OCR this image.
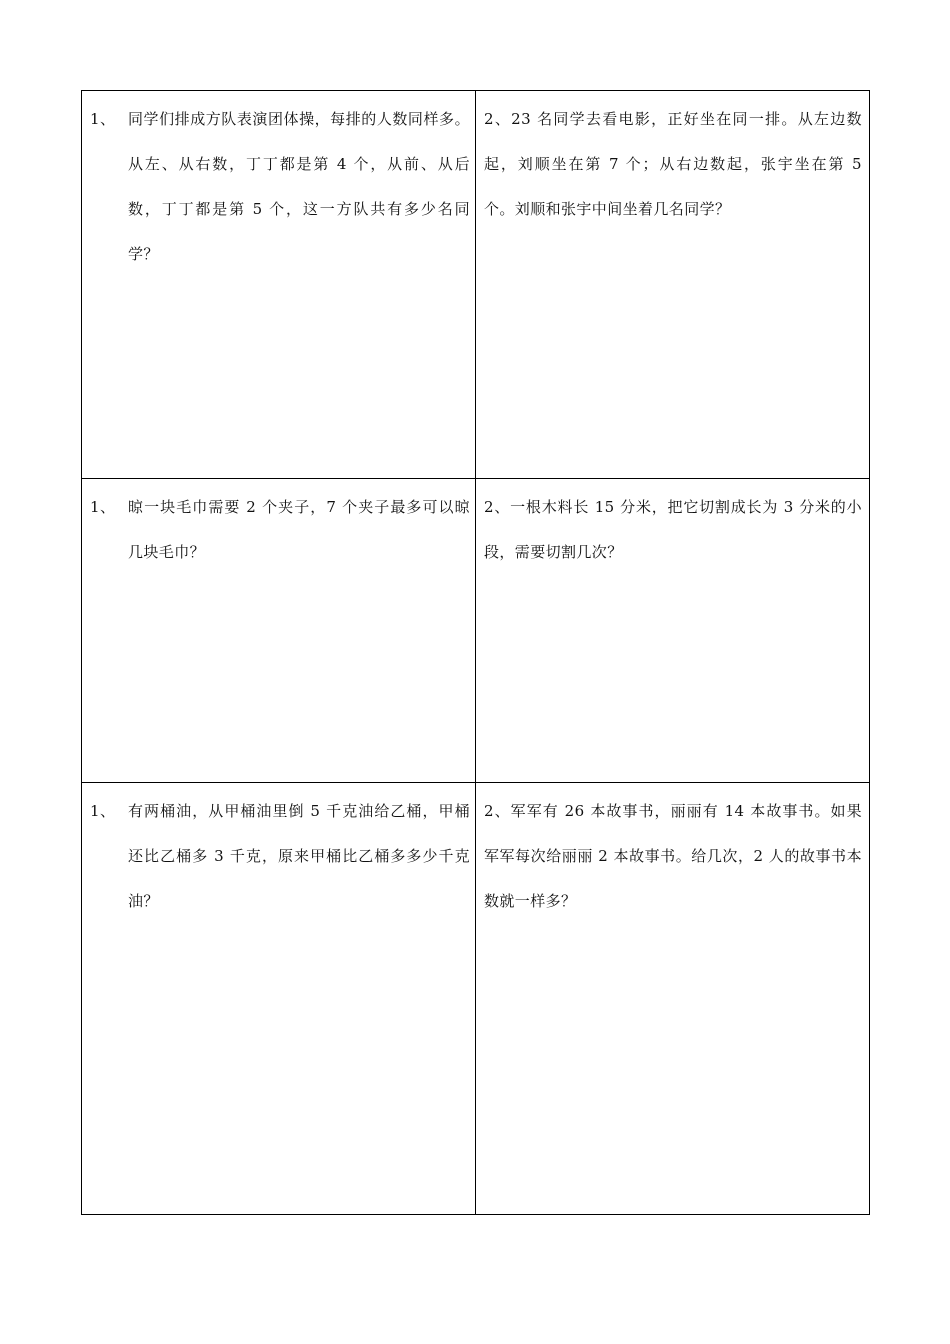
1、 同学们排成方队表演团体操，每排的人数同样多。从左、从右数，丁丁都是第 4 个，从前、从后数，丁丁都是第 5 个，这一方队共有多少名同学？	2、23 名同学去看电影，正好坐在同一排。从左边数起，刘顺坐在第 7 个；从右边数起，张宇坐在第 5 个。刘顺和张宇中间坐着几名同学？

1、 晾一块毛巾需要 2 个夹子，7 个夹子最多可以晾几块毛巾？	2、一根木料长 15 分米，把它切割成长为 3 分米的小段，需要切割几次？

1、 有两桶油，从甲桶油里倒 5 千克油给乙桶，甲桶还比乙桶多 3 千克，原来甲桶比乙桶多多少千克油？	2、军军有 26 本故事书，丽丽有 14 本故事书。如果军军每次给丽丽 2 本故事书。给几次，2 人的故事书本数就一样多？
